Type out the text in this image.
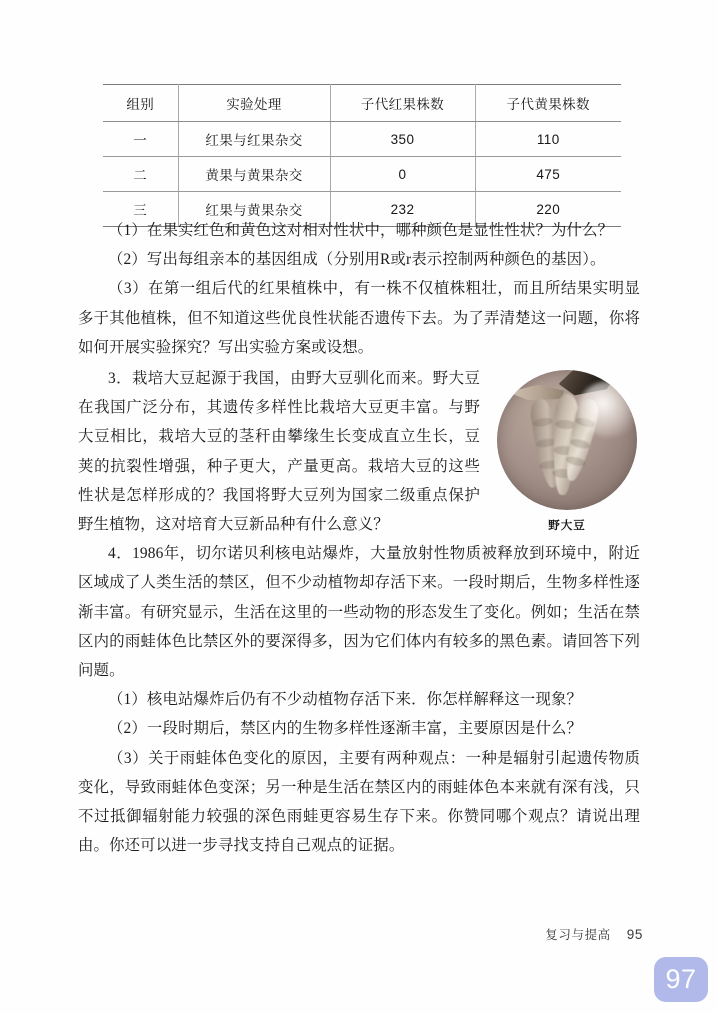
组别	实验处理	子代红果株数	子代黄果株数
一	红果与红果杂交	350	110
二	黄果与黄果杂交	0	475
三	红果与黄果杂交	232	220

（1）在果实红色和黄色这对相对性状中，哪种颜色是显性性状？为什么？

（2）写出每组亲本的基因组成（分别用R或r表示控制两种颜色的基因）。

（3）在第一组后代的红果植株中，有一株不仅植株粗壮，而且所结果实明显多于其他植株，但不知道这些优良性状能否遗传下去。为了弄清楚这一问题，你将如何开展实验探究？写出实验方案或设想。

野大豆

3．栽培大豆起源于我国，由野大豆驯化而来。野大豆在我国广泛分布，其遗传多样性比栽培大豆更丰富。与野大豆相比，栽培大豆的茎秆由攀缘生长变成直立生长，豆荚的抗裂性增强，种子更大，产量更高。栽培大豆的这些性状是怎样形成的？我国将野大豆列为国家二级重点保护野生植物，这对培育大豆新品种有什么意义？

4．1986年，切尔诺贝利核电站爆炸，大量放射性物质被释放到环境中，附近区域成了人类生活的禁区，但不少动植物却存活下来。一段时期后，生物多样性逐渐丰富。有研究显示，生活在这里的一些动物的形态发生了变化。例如；生活在禁区内的雨蛙体色比禁区外的要深得多，因为它们体内有较多的黑色素。请回答下列问题。

（1）核电站爆炸后仍有不少动植物存活下来．你怎样解释这一现象？

（2）一段时期后，禁区内的生物多样性逐渐丰富，主要原因是什么？

（3）关于雨蛙体色变化的原因，主要有两种观点：一种是辐射引起遗传物质变化，导致雨蛙体色变深；另一种是生活在禁区内的雨蛙体色本来就有深有浅，只不过抵御辐射能力较强的深色雨蛙更容易生存下来。你赞同哪个观点？请说出理由。你还可以进一步寻找支持自己观点的证据。

复习与提高 95
97
